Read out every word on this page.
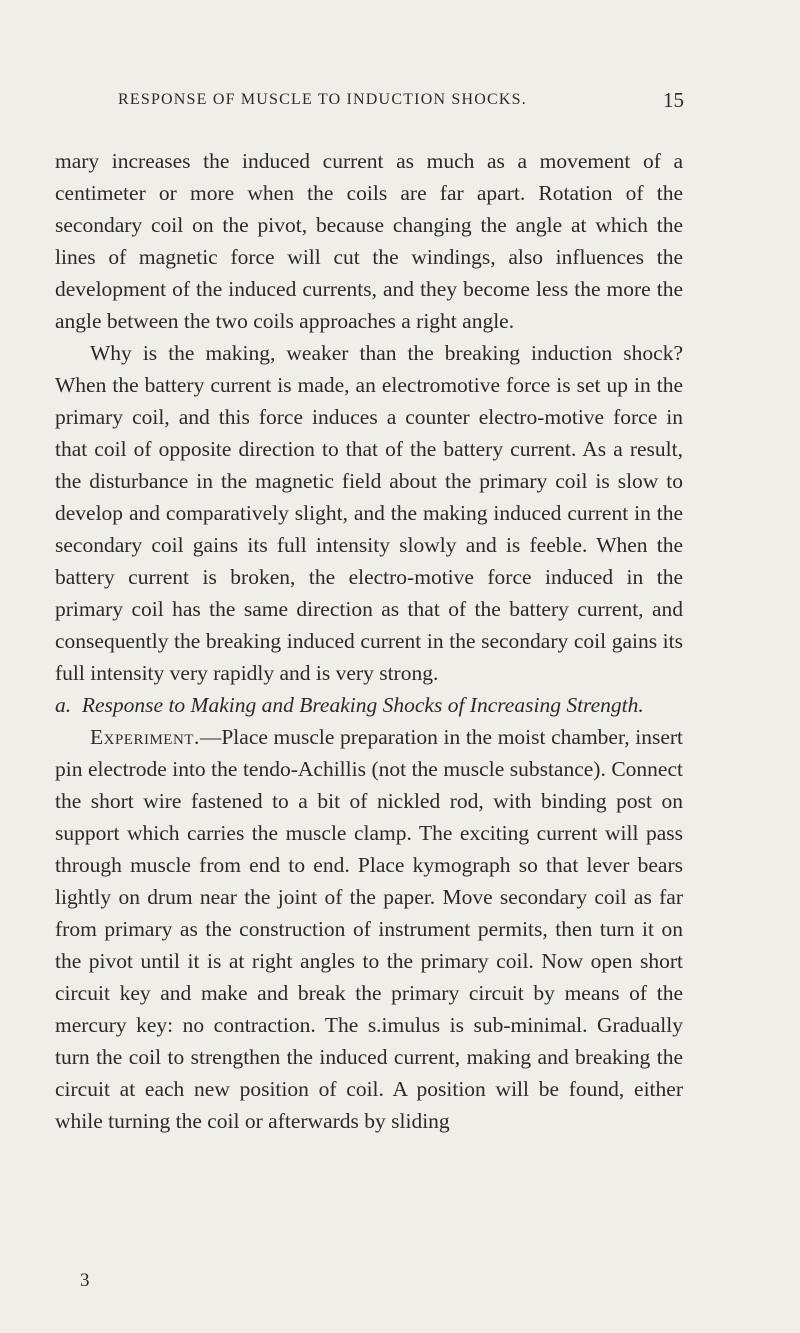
RESPONSE OF MUSCLE TO INDUCTION SHOCKS.	15

mary increases the induced current as much as a movement of a centimeter or more when the coils are far apart. Rotation of the secondary coil on the pivot, because changing the angle at which the lines of magnetic force will cut the windings, also influences the development of the induced currents, and they become less the more the angle between the two coils approaches a right angle.

Why is the making, weaker than the breaking induction shock? When the battery current is made, an electromotive force is set up in the primary coil, and this force induces a counter electro-motive force in that coil of opposite direction to that of the battery current. As a result, the disturbance in the magnetic field about the primary coil is slow to develop and comparatively slight, and the making induced current in the secondary coil gains its full intensity slowly and is feeble. When the battery current is broken, the electro-motive force induced in the primary coil has the same direction as that of the battery current, and consequently the breaking induced current in the secondary coil gains its full intensity very rapidly and is very strong.

a. Response to Making and Breaking Shocks of Increasing Strength.

Experiment.—Place muscle preparation in the moist chamber, insert pin electrode into the tendo-Achillis (not the muscle substance). Connect the short wire fastened to a bit of nickled rod, with binding post on support which carries the muscle clamp. The exciting current will pass through muscle from end to end. Place kymograph so that lever bears lightly on drum near the joint of the paper. Move secondary coil as far from primary as the construction of instrument permits, then turn it on the pivot until it is at right angles to the primary coil. Now open short circuit key and make and break the primary circuit by means of the mercury key: no contraction. The s.imulus is sub-minimal. Gradually turn the coil to strengthen the induced current, making and breaking the circuit at each new position of coil. A position will be found, either while turning the coil or afterwards by sliding

3
